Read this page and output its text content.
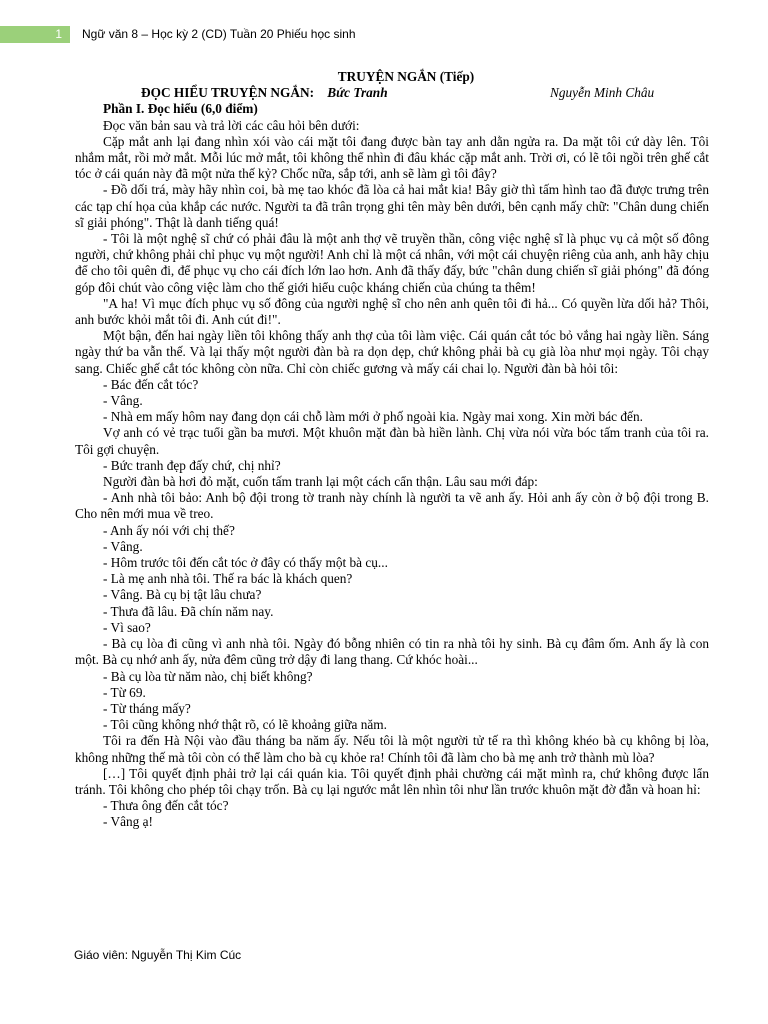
1	Ngữ văn 8 – Học kỳ 2 (CD) Tuần 20 Phiếu học sinh

TRUYỆN NGẮN (Tiếp)

ĐỌC HIỂU TRUYỆN NGẮN: Bức Tranh	Nguyễn Minh Châu

Phần I. Đọc hiểu (6,0 điểm)

Đọc văn bản sau và trả lời các câu hỏi bên dưới:

Cặp mắt anh lại đang nhìn xói vào cái mặt tôi đang được bàn tay anh dằn ngửa ra. Da mặt tôi cứ dày lên. Tôi nhắm mắt, rồi mở mắt. Mỗi lúc mở mắt, tôi không thể nhìn đi đâu khác cặp mắt anh. Trời ơi, có lẽ tôi ngồi trên ghế cắt tóc ở cái quán này đã một nửa thế kỷ? Chốc nữa, sắp tới, anh sẽ làm gì tôi đây?

- Đồ dối trá, mày hãy nhìn coi, bà mẹ tao khóc đã lòa cả hai mắt kia! Bây giờ thì tấm hình tao đã được trưng trên các tạp chí họa của khắp các nước. Người ta đã trân trọng ghi tên mày bên dưới, bên cạnh mấy chữ: "Chân dung chiến sĩ giải phóng". Thật là danh tiếng quá!

- Tôi là một nghệ sĩ chứ có phải đâu là một anh thợ vẽ truyền thần, công việc nghệ sĩ là phục vụ cả một số đông người, chứ không phải chỉ phục vụ một người! Anh chỉ là một cá nhân, với một cái chuyện riêng của anh, anh hãy chịu để cho tôi quên đi, để phục vụ cho cái đích lớn lao hơn. Anh đã thấy đấy, bức "chân dung chiến sĩ giải phóng" đã đóng góp đôi chút vào công việc làm cho thế giới hiểu cuộc kháng chiến của chúng ta thêm!

"A ha! Vì mục đích phục vụ số đông của người nghệ sĩ cho nên anh quên tôi đi hả... Có quyền lừa dối hả? Thôi, anh bước khỏi mắt tôi đi. Anh cút đi!".

Một bận, đến hai ngày liền tôi không thấy anh thợ của tôi làm việc. Cái quán cắt tóc bỏ vắng hai ngày liền. Sáng ngày thứ ba vẫn thế. Và lại thấy một người đàn bà ra dọn dẹp, chứ không phải bà cụ già lòa như mọi ngày. Tôi chạy sang. Chiếc ghế cắt tóc không còn nữa. Chỉ còn chiếc gương và mấy cái chai lọ. Người đàn bà hỏi tôi:

- Bác đến cắt tóc?

- Vâng.

- Nhà em mấy hôm nay đang dọn cái chỗ làm mới ở phố ngoài kia. Ngày mai xong. Xin mời bác đến.

Vợ anh có vẻ trạc tuổi gần ba mươi. Một khuôn mặt đàn bà hiền lành. Chị vừa nói vừa bóc tấm tranh của tôi ra. Tôi gợi chuyện.

- Bức tranh đẹp đấy chứ, chị nhỉ?

Người đàn bà hơi đỏ mặt, cuốn tấm tranh lại một cách cẩn thận. Lâu sau mới đáp:

- Anh nhà tôi bảo: Anh bộ đội trong tờ tranh này chính là người ta vẽ anh ấy. Hỏi anh ấy còn ở bộ đội trong B. Cho nên mới mua về treo.

- Anh ấy nói với chị thế?

- Vâng.

- Hôm trước tôi đến cắt tóc ở đây có thấy một bà cụ...

- Là mẹ anh nhà tôi. Thế ra bác là khách quen?

- Vâng. Bà cụ bị tật lâu chưa?

- Thưa đã lâu. Đã chín năm nay.

- Vì sao?

- Bà cụ lòa đi cũng vì anh nhà tôi. Ngày đó bỗng nhiên có tin ra nhà tôi hy sinh. Bà cụ đâm ốm. Anh ấy là con một. Bà cụ nhớ anh ấy, nửa đêm cũng trở dậy đi lang thang. Cứ khóc hoài...

- Bà cụ lòa từ năm nào, chị biết không?

- Từ 69.

- Từ tháng mấy?

- Tôi cũng không nhớ thật rõ, có lẽ khoảng giữa năm.

Tôi ra đến Hà Nội vào đầu tháng ba năm ấy. Nếu tôi là một người tử tế ra thì không khéo bà cụ không bị lòa, không những thế mà tôi còn có thể làm cho bà cụ khỏe ra! Chính tôi đã làm cho bà mẹ anh trở thành mù lòa?

[…] Tôi quyết định phải trở lại cái quán kia. Tôi quyết định phải chường cái mặt mình ra, chứ không được lẩn tránh. Tôi không cho phép tôi chạy trốn. Bà cụ lại ngước mắt lên nhìn tôi như lần trước khuôn mặt đờ đẫn và hoan hỉ:

- Thưa ông đến cắt tóc?

- Vâng ạ!

Giáo viên: Nguyễn Thị Kim Cúc
